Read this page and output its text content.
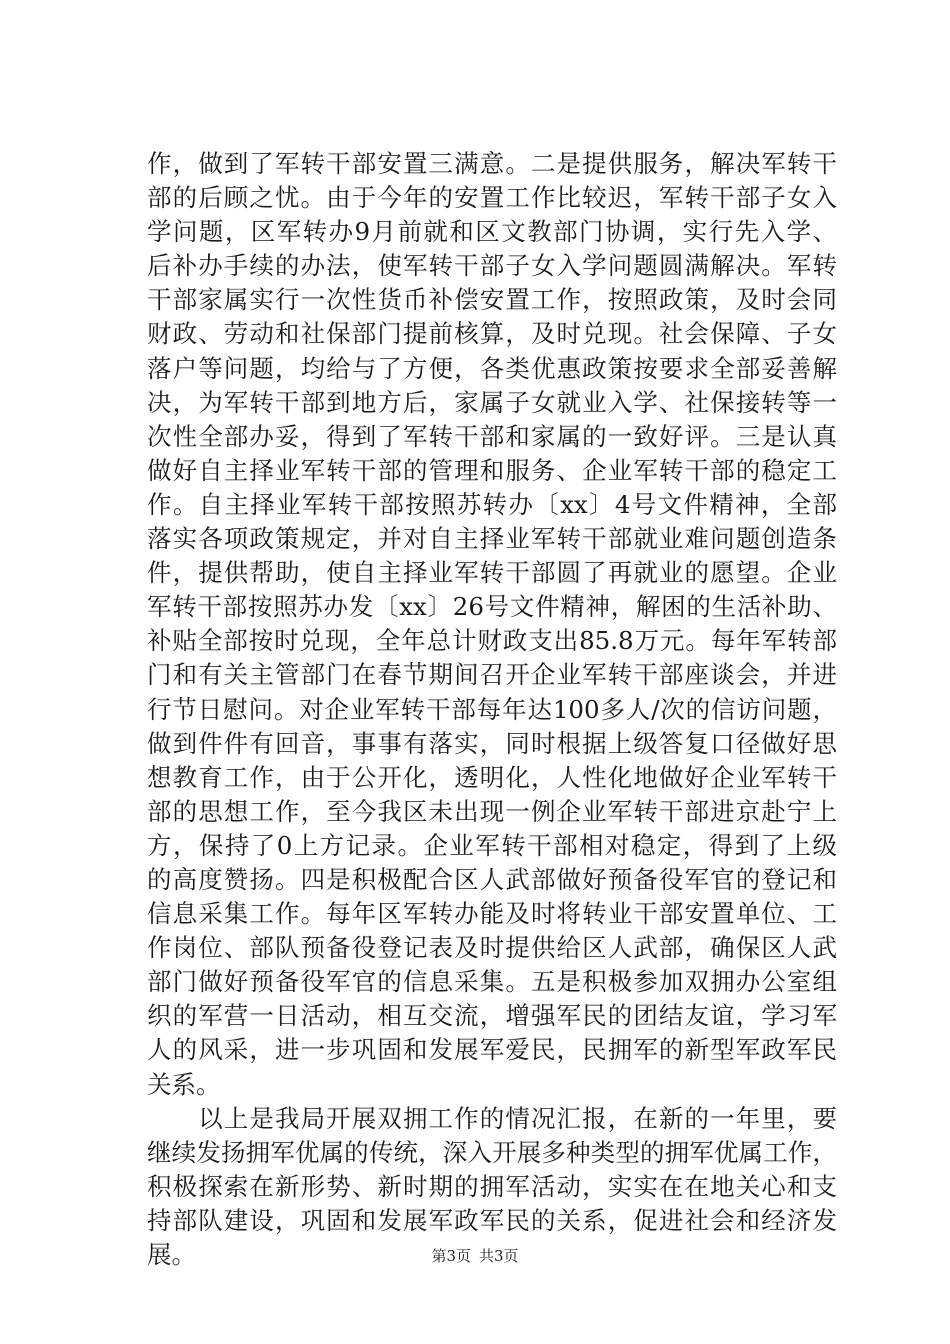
作，做到了军转干部安置三满意。二是提供服务，解决军转干
部的后顾之忧。由于今年的安置工作比较迟，军转干部子女入
学问题，区军转办9月前就和区文教部门协调，实行先入学、
后补办手续的办法，使军转干部子女入学问题圆满解决。军转
干部家属实行一次性货币补偿安置工作，按照政策，及时会同
财政、劳动和社保部门提前核算，及时兑现。社会保障、子女
落户等问题，均给与了方便，各类优惠政策按要求全部妥善解
决，为军转干部到地方后，家属子女就业入学、社保接转等一
次性全部办妥，得到了军转干部和家属的一致好评。三是认真
做好自主择业军转干部的管理和服务、企业军转干部的稳定工
作。自主择业军转干部按照苏转办〔xx〕4号文件精神，全部
落实各项政策规定，并对自主择业军转干部就业难问题创造条
件，提供帮助，使自主择业军转干部圆了再就业的愿望。企业
军转干部按照苏办发〔xx〕26号文件精神，解困的生活补助、
补贴全部按时兑现，全年总计财政支出85.8万元。每年军转部
门和有关主管部门在春节期间召开企业军转干部座谈会，并进
行节日慰问。对企业军转干部每年达100多人/次的信访问题，
做到件件有回音，事事有落实，同时根据上级答复口径做好思
想教育工作，由于公开化，透明化，人性化地做好企业军转干
部的思想工作，至今我区未出现一例企业军转干部进京赴宁上
方，保持了0上方记录。企业军转干部相对稳定，得到了上级
的高度赞扬。四是积极配合区人武部做好预备役军官的登记和
信息采集工作。每年区军转办能及时将转业干部安置单位、工
作岗位、部队预备役登记表及时提供给区人武部，确保区人武
部门做好预备役军官的信息采集。五是积极参加双拥办公室组
织的军营一日活动，相互交流，增强军民的团结友谊，学习军
人的风采，进一步巩固和发展军爱民，民拥军的新型军政军民
关系。
　　以上是我局开展双拥工作的情况汇报，在新的一年里，要
继续发扬拥军优属的传统，深入开展多种类型的拥军优属工作，
积极探索在新形势、新时期的拥军活动，实实在在地关心和支
持部队建设，巩固和发展军政军民的关系，促进社会和经济发
展。	第3页 共3页
